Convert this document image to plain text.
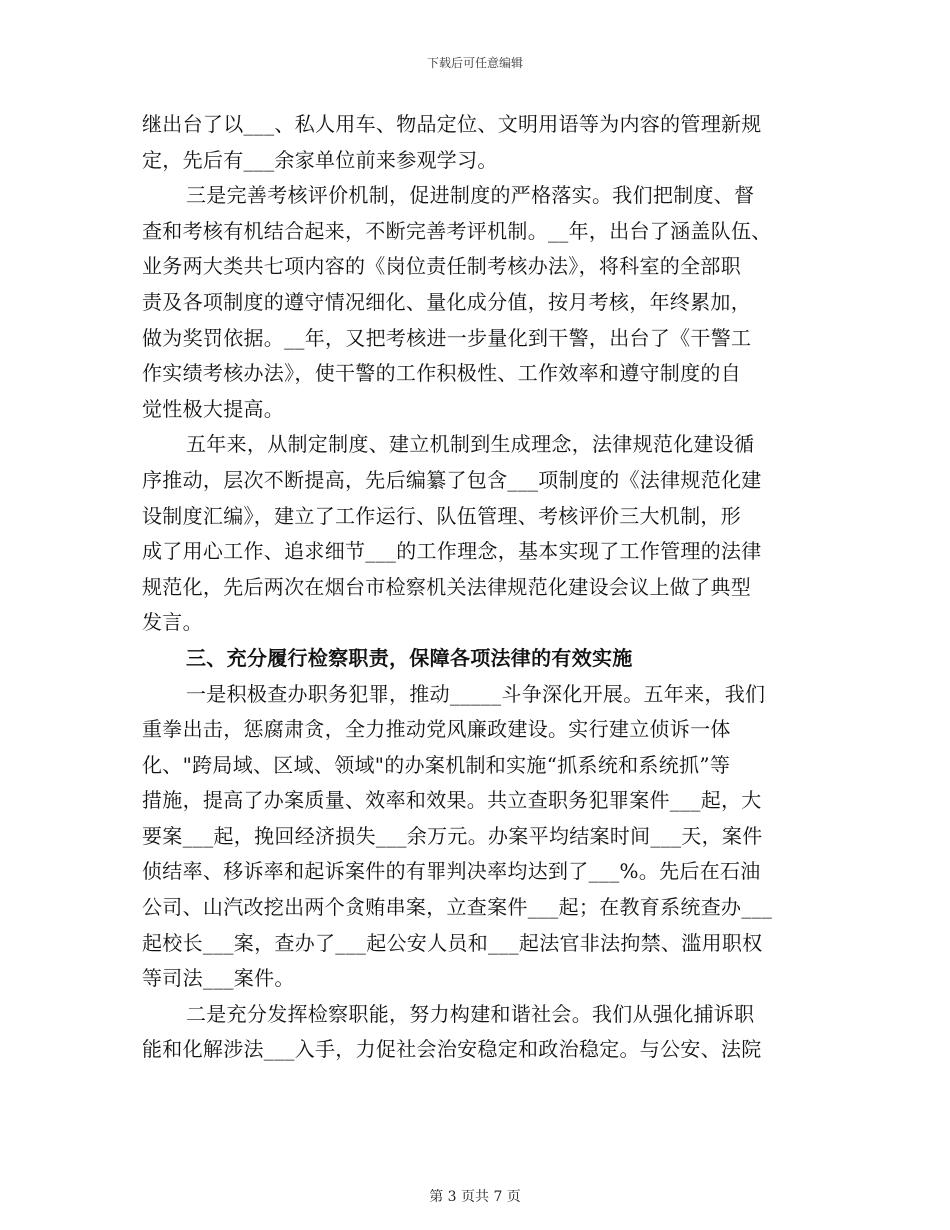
下载后可任意编辑
继出台了以___、私人用车、物品定位、文明用语等为内容的管理新规
定，先后有___余家单位前来参观学习。
三是完善考核评价机制，促进制度的严格落实。我们把制度、督
查和考核有机结合起来，不断完善考评机制。__年，出台了涵盖队伍、
业务两大类共七项内容的《岗位责任制考核办法》，将科室的全部职
责及各项制度的遵守情况细化、量化成分值，按月考核，年终累加，
做为奖罚依据。__年，又把考核进一步量化到干警，出台了《干警工
作实绩考核办法》，使干警的工作积极性、工作效率和遵守制度的自
觉性极大提高。
五年来，从制定制度、建立机制到生成理念，法律规范化建设循
序推动，层次不断提高，先后编纂了包含___项制度的《法律规范化建
设制度汇编》，建立了工作运行、队伍管理、考核评价三大机制，形
成了用心工作、追求细节___的工作理念，基本实现了工作管理的法律
规范化，先后两次在烟台市检察机关法律规范化建设会议上做了典型
发言。
三、充分履行检察职责，保障各项法律的有效实施
一是积极查办职务犯罪，推动_____斗争深化开展。五年来，我们
重拳出击，惩腐肃贪，全力推动党风廉政建设。实行建立侦诉一体
化、"跨局域、区域、领域"的办案机制和实施“抓系统和系统抓”等
措施，提高了办案质量、效率和效果。共立查职务犯罪案件___起，大
要案___起，挽回经济损失___余万元。办案平均结案时间___天，案件
侦结率、移诉率和起诉案件的有罪判决率均达到了___%。先后在石油
公司、山汽改挖出两个贪贿串案，立查案件___起；在教育系统查办___
起校长___案，查办了___起公安人员和___起法官非法拘禁、滥用职权
等司法___案件。
二是充分发挥检察职能，努力构建和谐社会。我们从强化捕诉职
能和化解涉法___入手，力促社会治安稳定和政治稳定。与公安、法院
第 3 页共 7 页
